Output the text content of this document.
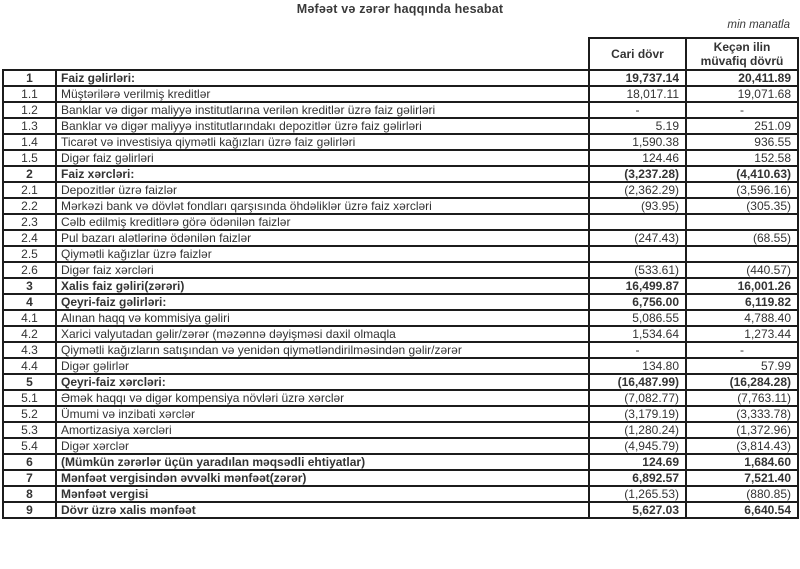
Məfəət və zərər haqqında hesabat
min manatla
		Cari dövr	Keçən ilin müvafiq dövrü
1	Faiz gəlirləri:	19,737.14	20,411.89
1.1	Müştərilərə verilmiş kreditlər	18,017.11	19,071.68
1.2	Banklar və digər maliyyə institutlarına verilən kreditlər üzrə faiz gəlirləri	-	-
1.3	Banklar və digər maliyyə institutlarındakı depozitlər üzrə faiz gəlirləri	5.19	251.09
1.4	Ticarət və investisiya qiymətli kağızları üzrə faiz gəlirləri	1,590.38	936.55
1.5	Digər faiz gəlirləri	124.46	152.58
2	Faiz xərcləri:	(3,237.28)	(4,410.63)
2.1	Depozitlər üzrə faizlər	(2,362.29)	(3,596.16)
2.2	Mərkəzi bank və dövlət fondları qarşısında öhdəliklər üzrə faiz xərcləri	(93.95)	(305.35)
2.3	Cəlb edilmiş kreditlərə görə ödənilən faizlər		
2.4	Pul bazarı alətlərinə ödənilən faizlər	(247.43)	(68.55)
2.5	Qiymətli kağızlar üzrə faizlər		
2.6	Digər faiz xərcləri	(533.61)	(440.57)
3	Xalis faiz gəliri(zərəri)	16,499.87	16,001.26
4	Qeyri-faiz gəlirləri:	6,756.00	6,119.82
4.1	Alınan haqq və kommisiya gəliri	5,086.55	4,788.40
4.2	Xarici valyutadan gəlir/zərər (məzənnə dəyişməsi daxil olmaqla	1,534.64	1,273.44
4.3	Qiymətli kağızların satışından və yenidən qiymətləndirilməsindən gəlir/zərər	-	-
4.4	Digər gəlirlər	134.80	57.99
5	Qeyri-faiz xərcləri:	(16,487.99)	(16,284.28)
5.1	Əmək haqqı və digər kompensiya növləri üzrə xərclər	(7,082.77)	(7,763.11)
5.2	Ümumi və inzibati xərclər	(3,179.19)	(3,333.78)
5.3	Amortizasiya xərcləri	(1,280.24)	(1,372.96)
5.4	Digər xərclər	(4,945.79)	(3,814.43)
6	(Mümkün zərərlər üçün yaradılan məqsədli ehtiyatlar)	124.69	1,684.60
7	Mənfəət vergisindən əvvəlki mənfəət(zərər)	6,892.57	7,521.40
8	Mənfəət vergisi	(1,265.53)	(880.85)
9	Dövr üzrə xalis mənfəət	5,627.03	6,640.54
